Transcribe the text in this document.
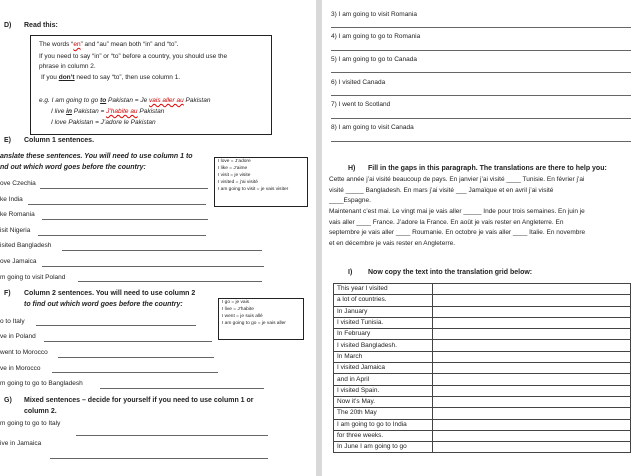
D) Read this:
The words “en” and “au” mean both “in” and “to”.
If you need to say “in” or “to” before a country, you should use the
phrase in column 2.
If you don’t need to say “to”, then use column 1.
e.g. I am going to go to Pakistan = Je vais aller au Pakistan
I live in Pakistan = J’habite au Pakistan
I love Pakistan = J’adore le Pakistan
E) Column 1 sentences.
anslate these sentences. You will need to use column 1 to
nd out which word goes before the country:
I love = J’adore
I like = J’aime
I visit = je visite
I visited = j’ai visité
I am going to visit = je vais visiter
ove Czechia
ke India
ke Romania
isit Nigeria
isited Bangladesh
ove Jamaica
m going to visit Poland
F) Column 2 sentences. You will need to use column 2
to find out which word goes before the country:	I go = je vais
I live = J’habite
I went = je suis allé
I am going to go = je vais aller
o to Italy
ve in Poland
went to Morocco
ve in Morocco
m going to go to Bangladesh
G) Mixed sentences – decide for yourself if you need to use column 1 or
column 2.
m going to go to Italy
ive in Jamaica
3) I am going to visit Romania
4) I am going to go to Romania
5) I am going to go to Canada
6) I visited Canada
7) I went to Scotland
8) I am going to visit Canada
H) Fill in the gaps in this paragraph. The translations are there to help you:
Cette année j’ai visité beaucoup de pays. En janvier j’ai visité ____ Tunisie. En février j’ai
visité _____ Bangladesh. En mars j’ai visité ___ Jamaïque et en avril j’ai visité
____Espagne.
Maintenant c’est mai. Le vingt mai je vais aller _____ Inde pour trois semaines. En juin je
vais aller ____ France. J’adore la France. En août je vais rester en Angleterre. En
septembre je vais aller ____ Roumanie. En octobre je vais aller ____ Italie. En novembre
et en décembre je vais rester en Angleterre.
I) Now copy the text into the translation grid below:
This year I visited	
a lot of countries.	
In January	
I visited Tunisia.	
In February	
I visited Bangladesh.	
In March	
I visited Jamaica	
and in April	
I visited Spain.	
Now it’s May.	
The 20th May	
I am going to go to India	
for three weeks.	
In June I am going to go	
